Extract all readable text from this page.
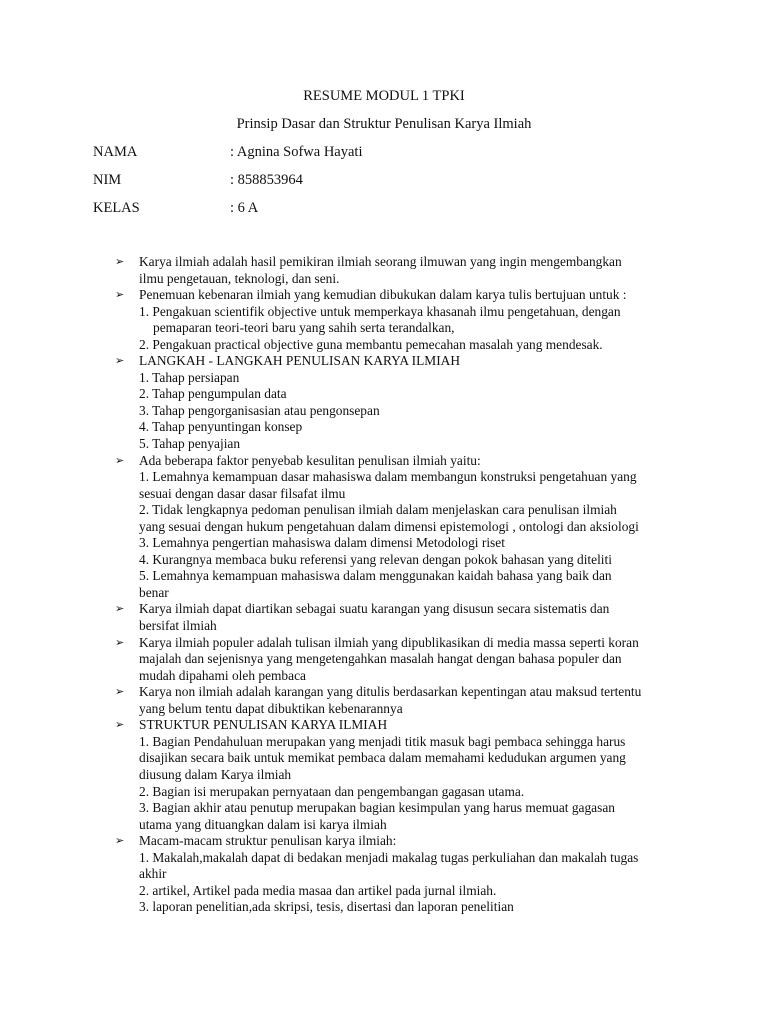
RESUME MODUL 1 TPKI
Prinsip Dasar dan Struktur Penulisan Karya Ilmiah
NAMA	: Agnina Sofwa Hayati
NIM	: 858853964
KELAS	: 6 A
➢	Karya ilmiah adalah hasil pemikiran ilmiah seorang ilmuwan yang ingin mengembangkan
ilmu pengetauan, teknologi, dan seni.
➢	Penemuan kebenaran ilmiah yang kemudian dibukukan dalam karya tulis bertujuan untuk :
1. Pengakuan scientifik objective untuk memperkaya khasanah ilmu pengetahuan, dengan
pemaparan teori-teori baru yang sahih serta terandalkan,
2. Pengakuan practical objective guna membantu pemecahan masalah yang mendesak.
➢	LANGKAH - LANGKAH PENULISAN KARYA ILMIAH
1. Tahap persiapan
2. Tahap pengumpulan data
3. Tahap pengorganisasian atau pengonsepan
4. Tahap penyuntingan konsep
5. Tahap penyajian
➢	Ada beberapa faktor penyebab kesulitan penulisan ilmiah yaitu:
1. Lemahnya kemampuan dasar mahasiswa dalam membangun konstruksi pengetahuan yang
sesuai dengan dasar dasar filsafat ilmu
2. Tidak lengkapnya pedoman penulisan ilmiah dalam menjelaskan cara penulisan ilmiah
yang sesuai dengan hukum pengetahuan dalam dimensi epistemologi , ontologi dan aksiologi
3. Lemahnya pengertian mahasiswa dalam dimensi Metodologi riset
4. Kurangnya membaca buku referensi yang relevan dengan pokok bahasan yang diteliti
5. Lemahnya kemampuan mahasiswa dalam menggunakan kaidah bahasa yang baik dan
benar
➢	Karya ilmiah dapat diartikan sebagai suatu karangan yang disusun secara sistematis dan
bersifat ilmiah
➢	Karya ilmiah populer adalah tulisan ilmiah yang dipublikasikan di media massa seperti koran
majalah dan sejenisnya yang mengetengahkan masalah hangat dengan bahasa populer dan
mudah dipahami oleh pembaca
➢	Karya non ilmiah adalah karangan yang ditulis berdasarkan kepentingan atau maksud tertentu
yang belum tentu dapat dibuktikan kebenarannya
➢	STRUKTUR PENULISAN KARYA ILMIAH
1. Bagian Pendahuluan merupakan yang menjadi titik masuk bagi pembaca sehingga harus
disajikan secara baik untuk memikat pembaca dalam memahami kedudukan argumen yang
diusung dalam Karya ilmiah
2. Bagian isi merupakan pernyataan dan pengembangan gagasan utama.
3. Bagian akhir atau penutup merupakan bagian kesimpulan yang harus memuat gagasan
utama yang dituangkan dalam isi karya ilmiah
➢	Macam-macam struktur penulisan karya ilmiah:
1. Makalah,makalah dapat di bedakan menjadi makalag tugas perkuliahan dan makalah tugas
akhir
2. artikel, Artikel pada media masaa dan artikel pada jurnal ilmiah.
3. laporan penelitian,ada skripsi, tesis, disertasi dan laporan penelitian
